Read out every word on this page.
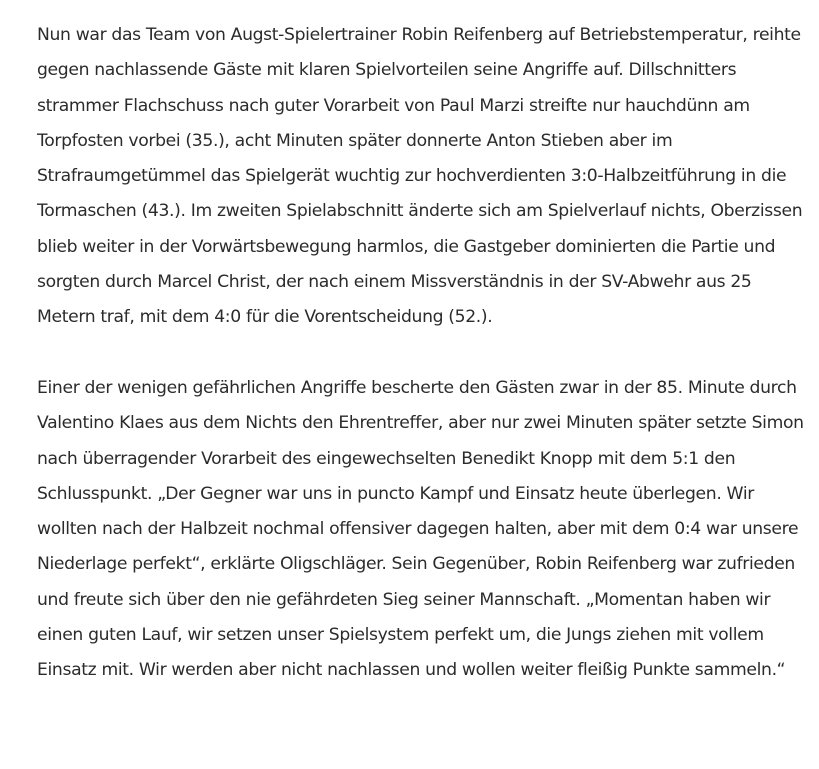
Nun war das Team von Augst-Spielertrainer Robin Reifenberg auf Betriebstemperatur, reihte gegen nachlassende Gäste mit klaren Spielvorteilen seine Angriffe auf. Dillschnitters strammer Flachschuss nach guter Vorarbeit von Paul Marzi streifte nur hauchdünn am Torpfosten vorbei (35.), acht Minuten später donnerte Anton Stieben aber im Strafraumgetümmel das Spielgerät wuchtig zur hochverdienten 3:0-Halbzeitführung in die Tormaschen (43.). Im zweiten Spielabschnitt änderte sich am Spielverlauf nichts, Oberzissen blieb weiter in der Vorwärtsbewegung harmlos, die Gastgeber dominierten die Partie und sorgten durch Marcel Christ, der nach einem Missverständnis in der SV-Abwehr aus 25 Metern traf, mit dem 4:0 für die Vorentscheidung (52.).

Einer der wenigen gefährlichen Angriffe bescherte den Gästen zwar in der 85. Minute durch Valentino Klaes aus dem Nichts den Ehrentreffer, aber nur zwei Minuten später setzte Simon nach überragender Vorarbeit des eingewechselten Benedikt Knopp mit dem 5:1 den Schlusspunkt. „Der Gegner war uns in puncto Kampf und Einsatz heute überlegen. Wir wollten nach der Halbzeit nochmal offensiver dagegen halten, aber mit dem 0:4 war unsere Niederlage perfekt“, erklärte Oligschläger. Sein Gegenüber, Robin Reifenberg war zufrieden und freute sich über den nie gefährdeten Sieg seiner Mannschaft. „Momentan haben wir einen guten Lauf, wir setzen unser Spielsystem perfekt um, die Jungs ziehen mit vollem Einsatz mit. Wir werden aber nicht nachlassen und wollen weiter fleißig Punkte sammeln.“
